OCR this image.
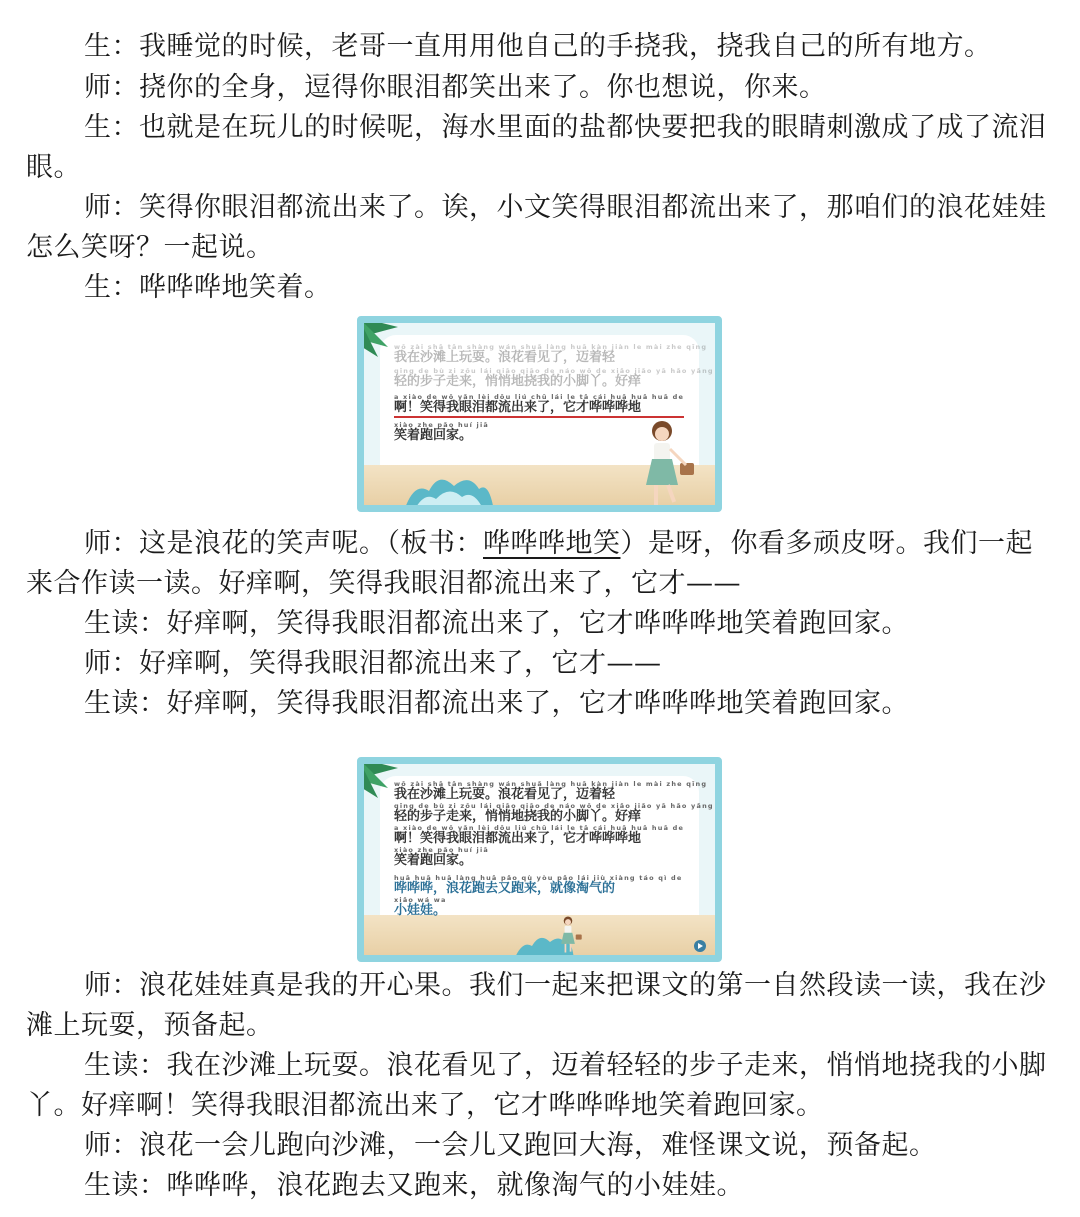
生：我睡觉的时候，老哥一直用用他自己的手挠我，挠我自己的所有地方。
师：挠你的全身，逗得你眼泪都笑出来了。你也想说，你来。
生：也就是在玩儿的时候呢，海水里面的盐都快要把我的眼睛刺激成了成了流泪眼。
师：笑得你眼泪都流出来了。诶，小文笑得眼泪都流出来了，那咱们的浪花娃娃怎么笑呀？一起说。
生：哗哗哗地笑着。
wǒ zài shā tān shàng wán shuǎ làng huā kàn jiàn le mài zhe qīng
我在沙滩上玩耍。浪花看见了，迈着轻
qīng de bù zi zǒu lái qiāo qiāo de náo wǒ de xiǎo jiǎo yā hǎo yǎng
轻的步子走来，悄悄地挠我的小脚丫。好痒
a xiào de wǒ yǎn lèi dōu liú chū lái le tā cái huā huā huā de
啊！笑得我眼泪都流出来了，它才哗哗哗地
xiào zhe pǎo huí jiā
笑着跑回家。
师：这是浪花的笑声呢。（板书：哗哗哗地笑）是呀，你看多顽皮呀。我们一起来合作读一读。好痒啊，笑得我眼泪都流出来了，它才——
生读：好痒啊，笑得我眼泪都流出来了，它才哗哗哗地笑着跑回家。
师：好痒啊，笑得我眼泪都流出来了，它才——
生读：好痒啊，笑得我眼泪都流出来了，它才哗哗哗地笑着跑回家。
wǒ zài shā tān shàng wán shuǎ làng huā kàn jiàn le mài zhe qīng
我在沙滩上玩耍。浪花看见了，迈着轻
qīng de bù zi zǒu lái qiāo qiāo de náo wǒ de xiǎo jiǎo yā hǎo yǎng
轻的步子走来，悄悄地挠我的小脚丫。好痒
a xiào de wǒ yǎn lèi dōu liú chū lái le tā cái huā huā huā de
啊！笑得我眼泪都流出来了，它才哗哗哗地
xiào zhe pǎo huí jiā
笑着跑回家。
huā huā huā làng huā pǎo qù yòu pǎo lái jiù xiàng táo qì de
哗哗哗，浪花跑去又跑来，就像淘气的
xiǎo wá wa
小娃娃。
师：浪花娃娃真是我的开心果。我们一起来把课文的第一自然段读一读，我在沙滩上玩耍，预备起。
生读：我在沙滩上玩耍。浪花看见了，迈着轻轻的步子走来，悄悄地挠我的小脚丫。好痒啊！笑得我眼泪都流出来了，它才哗哗哗地笑着跑回家。
师：浪花一会儿跑向沙滩，一会儿又跑回大海，难怪课文说，预备起。
生读：哗哗哗，浪花跑去又跑来，就像淘气的小娃娃。
